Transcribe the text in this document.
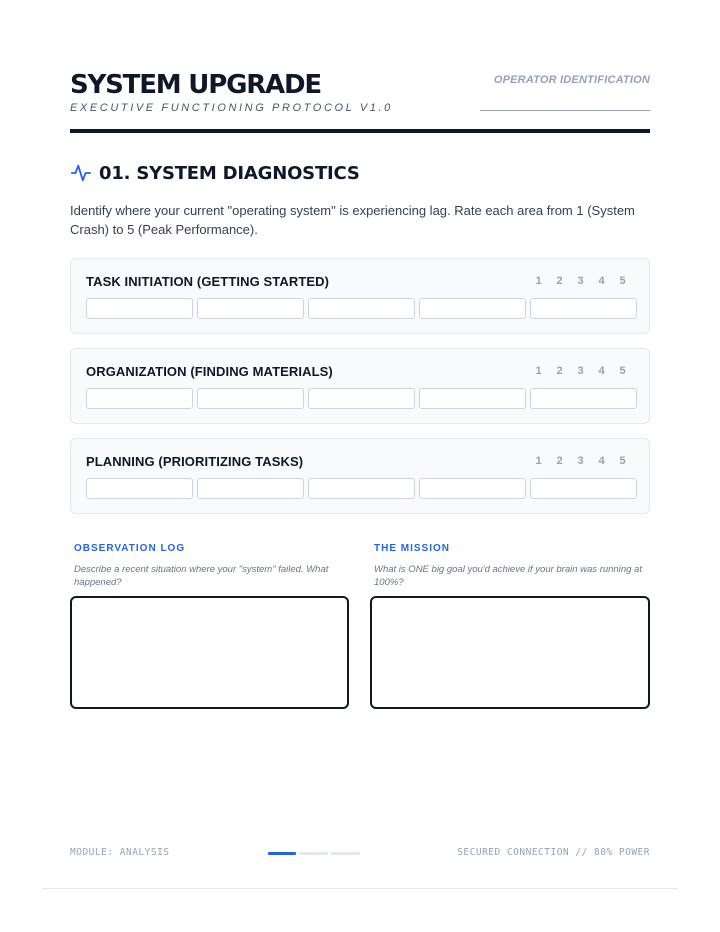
SYSTEM UPGRADE
EXECUTIVE FUNCTIONING PROTOCOL V1.0
OPERATOR IDENTIFICATION
01. SYSTEM DIAGNOSTICS

Identify where your current "operating system" is experiencing lag. Rate each area from 1 (System Crash) to 5 (Peak Performance).

TASK INITIATION (GETTING STARTED)	1	2	3	4	5
ORGANIZATION (FINDING MATERIALS)	1	2	3	4	5
PLANNING (PRIORITIZING TASKS)	1	2	3	4	5
OBSERVATION LOG
Describe a recent situation where your "system" failed. What happened?
THE MISSION
What is ONE big goal you'd achieve if your brain was running at 100%?
MODULE: ANALYSIS	SECURED CONNECTION // 80% POWER
